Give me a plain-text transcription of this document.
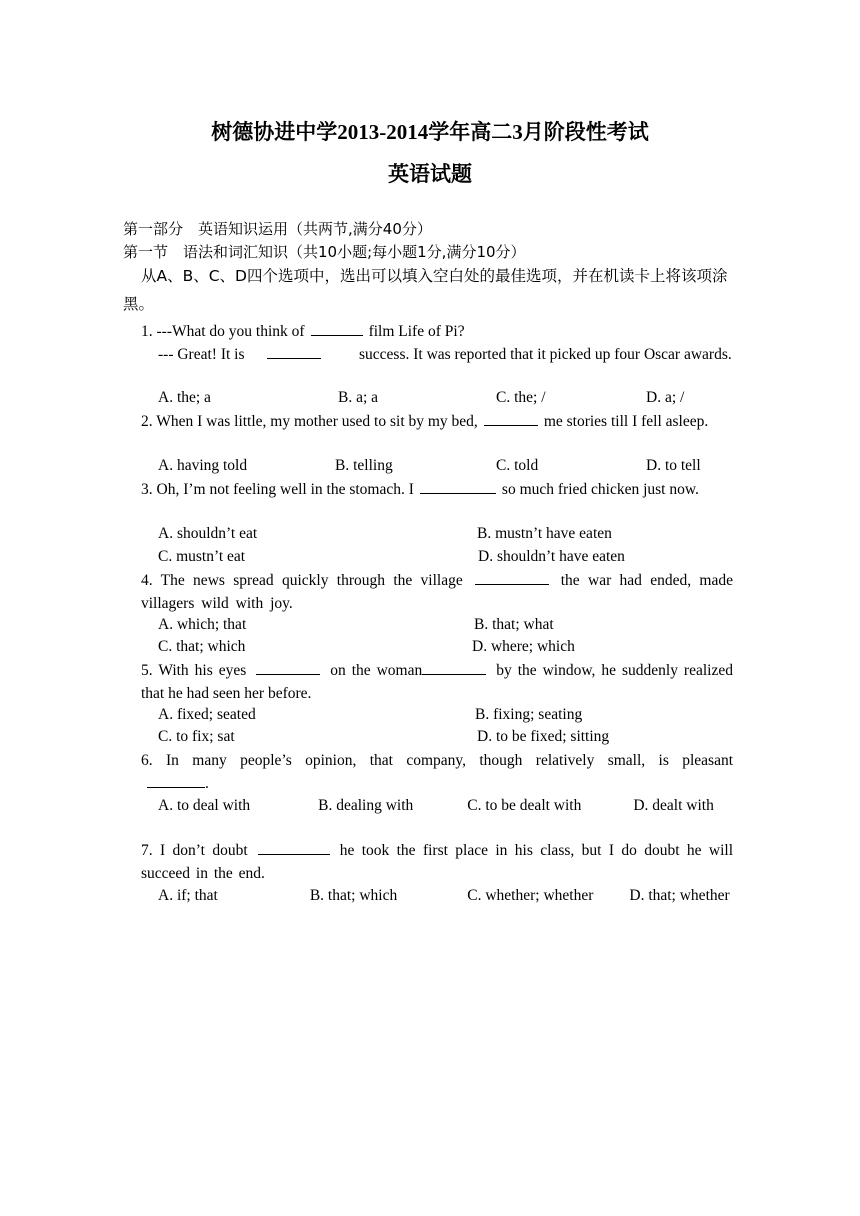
树德协进中学2013-2014学年高二3月阶段性考试
英语试题
第一部分　英语知识运用（共两节,满分40分）
第一节　语法和词汇知识（共10小题;每小题1分,满分10分）
从A、B、C、D四个选项中，选出可以填入空白处的最佳选项，并在机读卡上将该项涂黑。
1. ---What do you think of	film Life of Pi?
--- Great! It is	success. It was reported that it picked up four Oscar awards.
A. the; a	B. a; a	C. the; /	D. a; /
2. When I was little, my mother used to sit by my bed,	me stories till I fell asleep.
A. having told	B. telling	C. told	D. to tell
3. Oh, I’m not feeling well in the stomach. I	so much fried chicken just now.
A. shouldn’t eat	B. mustn’t have eaten
C. mustn’t eat	D. shouldn’t have eaten
4. The news spread quickly through the village	the war had ended, made villagers wild with joy.
A. which; that	B. that; what
C. that; which	D. where; which
5. With his eyes	on the woman	by the window, he suddenly realized that he had seen her before.
A. fixed; seated	B. fixing; seating
C. to fix; sat	D. to be fixed; sitting
6. In many people’s opinion, that company, though relatively small, is pleasant.
A. to deal with	B. dealing with	C. to be dealt with	D. dealt with
7. I don’t doubt	he took the first place in his class, but I do doubt he will succeed in the end.
A. if; that	B. that; which	C. whether; whether D. that; whether
